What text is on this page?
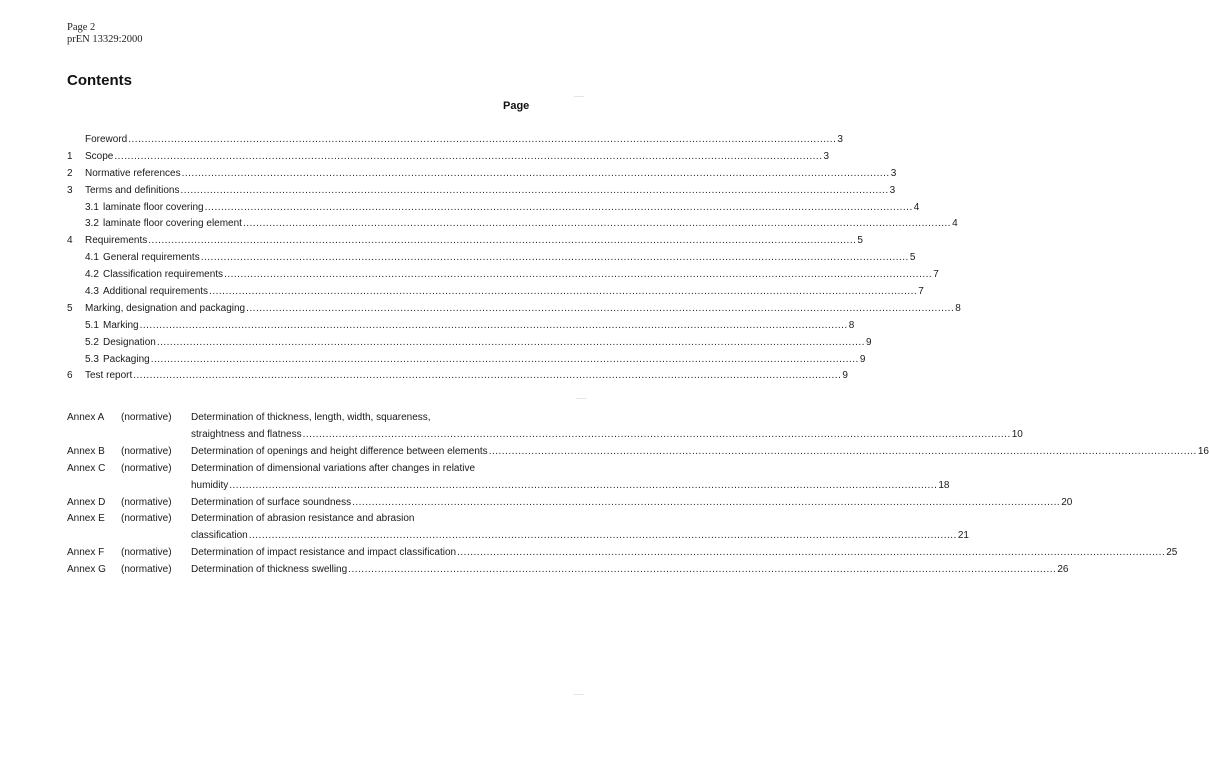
Page 2
prEN 13329:2000
Contents
Page
Foreword .....	3
1	Scope .....	3
2	Normative references .....	3
3	Terms and definitions .....	3
3.1 laminate floor covering .....	4
3.2 laminate floor covering element .....	4
4	Requirements .....	5
4.1 General requirements .....	5
4.2 Classification requirements .....	7
4.3 Additional requirements .....	7
5	Marking, designation and packaging .....	8
5.1 Marking .....	8
5.2 Designation .....	9
5.3 Packaging .....	9
6	Test report .....	9
Annex A	(normative)	Determination of thickness, length, width, squareness,
straightness and flatness .....	10
Annex B	(normative)	Determination of openings and height difference between elements .....	16
Annex C	(normative)	Determination of dimensional variations after changes in relative
humidity .....	18
Annex D	(normative)	Determination of surface soundness .....	20
Annex E	(normative)	Determination of abrasion resistance and abrasion
classification .....	21
Annex F	(normative)	Determination of impact resistance and impact classification .....	25
Annex G	(normative)	Determination of thickness swelling .....	26
